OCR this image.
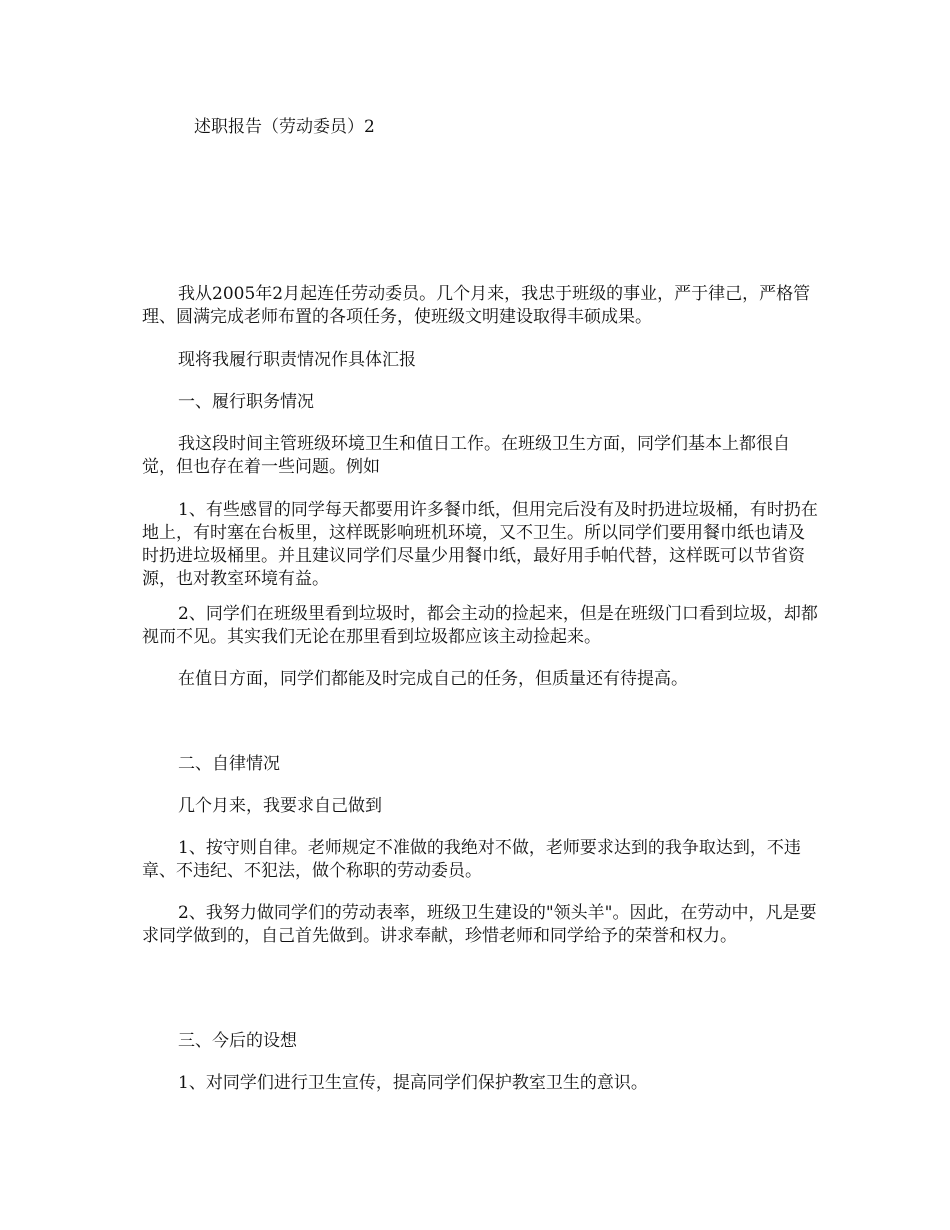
述职报告（劳动委员）2

我从2005年2月起连任劳动委员。几个月来，我忠于班级的事业，严于律己，严格管理、圆满完成老师布置的各项任务，使班级文明建设取得丰硕成果。

现将我履行职责情况作具体汇报

一、履行职务情况

我这段时间主管班级环境卫生和值日工作。在班级卫生方面，同学们基本上都很自觉，但也存在着一些问题。例如

1、有些感冒的同学每天都要用许多餐巾纸，但用完后没有及时扔进垃圾桶，有时扔在地上，有时塞在台板里，这样既影响班机环境，又不卫生。所以同学们要用餐巾纸也请及时扔进垃圾桶里。并且建议同学们尽量少用餐巾纸，最好用手帕代替，这样既可以节省资源，也对教室环境有益。

2、同学们在班级里看到垃圾时，都会主动的捡起来，但是在班级门口看到垃圾，却都视而不见。其实我们无论在那里看到垃圾都应该主动捡起来。

在值日方面，同学们都能及时完成自己的任务，但质量还有待提高。

二、自律情况

几个月来，我要求自己做到

1、按守则自律。老师规定不准做的我绝对不做，老师要求达到的我争取达到，不违章、不违纪、不犯法，做个称职的劳动委员。

2、我努力做同学们的劳动表率，班级卫生建设的"领头羊"。因此，在劳动中，凡是要求同学做到的，自己首先做到。讲求奉献，珍惜老师和同学给予的荣誉和权力。

三、今后的设想

1、对同学们进行卫生宣传，提高同学们保护教室卫生的意识。
